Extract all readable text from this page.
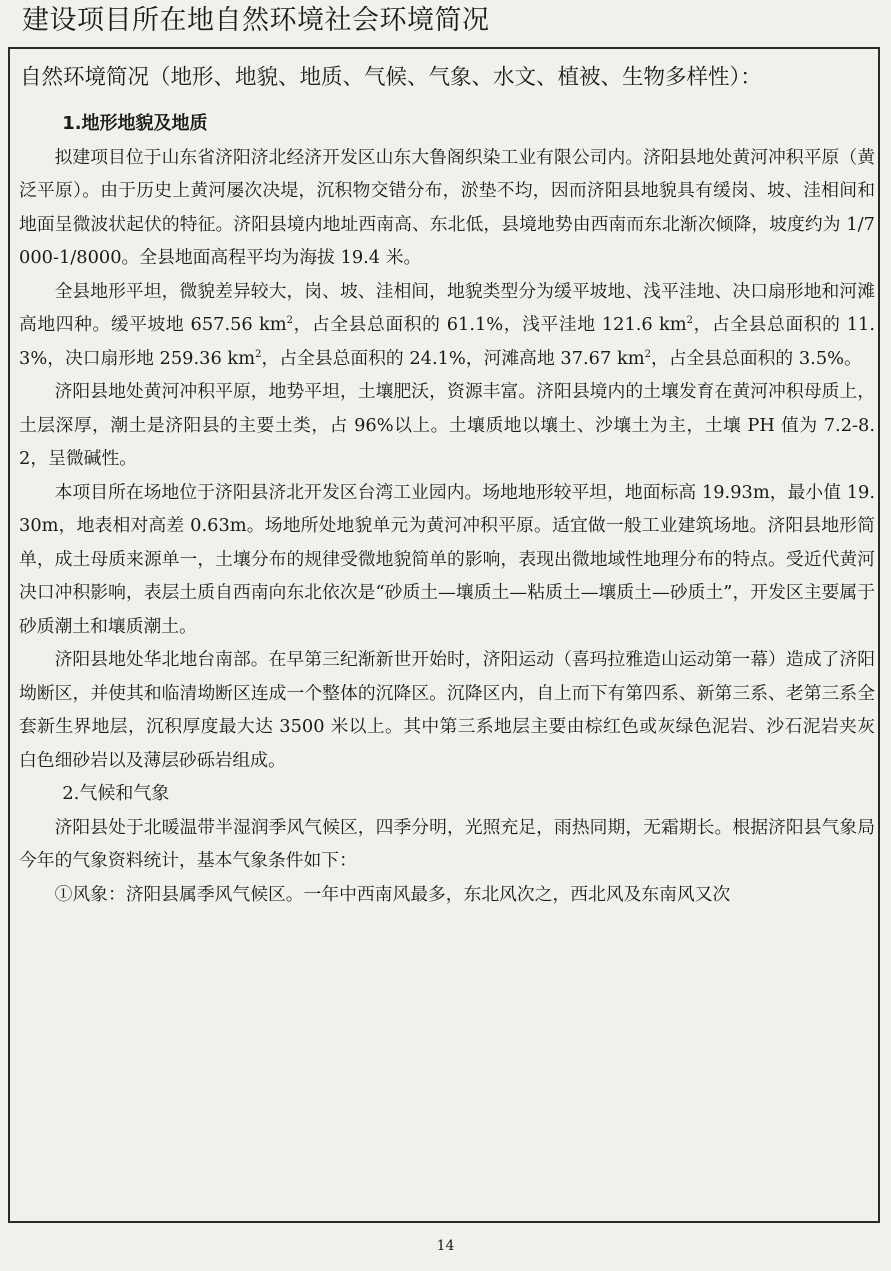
建设项目所在地自然环境社会环境简况
自然环境简况（地形、地貌、地质、气候、气象、水文、植被、生物多样性）：

1.地形地貌及地质

拟建项目位于山东省济阳济北经济开发区山东大鲁阁织染工业有限公司内。济阳县地处黄河冲积平原（黄泛平原）。由于历史上黄河屡次决堤，沉积物交错分布，淤垫不均，因而济阳县地貌具有缓岗、坡、洼相间和地面呈微波状起伏的特征。济阳县境内地址西南高、东北低，县境地势由西南而东北渐次倾降，坡度约为 1/7000-1/8000。全县地面高程平均为海拔 19.4 米。

全县地形平坦，微貌差异较大，岗、坡、洼相间，地貌类型分为缓平坡地、浅平洼地、决口扇形地和河滩高地四种。缓平坡地 657.56 $km^2$，占全县总面积的 61.1%，浅平洼地 121.6 $km^2$，占全县总面积的 11.3%，决口扇形地 259.36 $km^2$，占全县总面积的 24.1%，河滩高地 37.67 $km^2$，占全县总面积的 3.5%。

济阳县地处黄河冲积平原，地势平坦，土壤肥沃，资源丰富。济阳县境内的土壤发育在黄河冲积母质上，土层深厚，潮土是济阳县的主要土类，占 96%以上。土壤质地以壤土、沙壤土为主，土壤 PH 值为 7.2-8.2，呈微碱性。

本项目所在场地位于济阳县济北开发区台湾工业园内。场地地形较平坦，地面标高 19.93m，最小值 19.30m，地表相对高差 0.63m。场地所处地貌单元为黄河冲积平原。适宜做一般工业建筑场地。济阳县地形简单，成土母质来源单一，土壤分布的规律受微地貌简单的影响，表现出微地域性地理分布的特点。受近代黄河决口冲积影响，表层土质自西南向东北依次是“砂质土—壤质土—粘质土—壤质土—砂质土”，开发区主要属于砂质潮土和壤质潮土。

济阳县地处华北地台南部。在早第三纪渐新世开始时，济阳运动（喜玛拉雅造山运动第一幕）造成了济阳坳断区，并使其和临清坳断区连成一个整体的沉降区。沉降区内，自上而下有第四系、新第三系、老第三系全套新生界地层，沉积厚度最大达 3500 米以上。其中第三系地层主要由棕红色或灰绿色泥岩、沙石泥岩夹灰白色细砂岩以及薄层砂砾岩组成。

2.气候和气象

济阳县处于北暖温带半湿润季风气候区，四季分明，光照充足，雨热同期，无霜期长。根据济阳县气象局今年的气象资料统计，基本气象条件如下：

①风象：济阳县属季风气候区。一年中西南风最多，东北风次之，西北风及东南风又次

14
